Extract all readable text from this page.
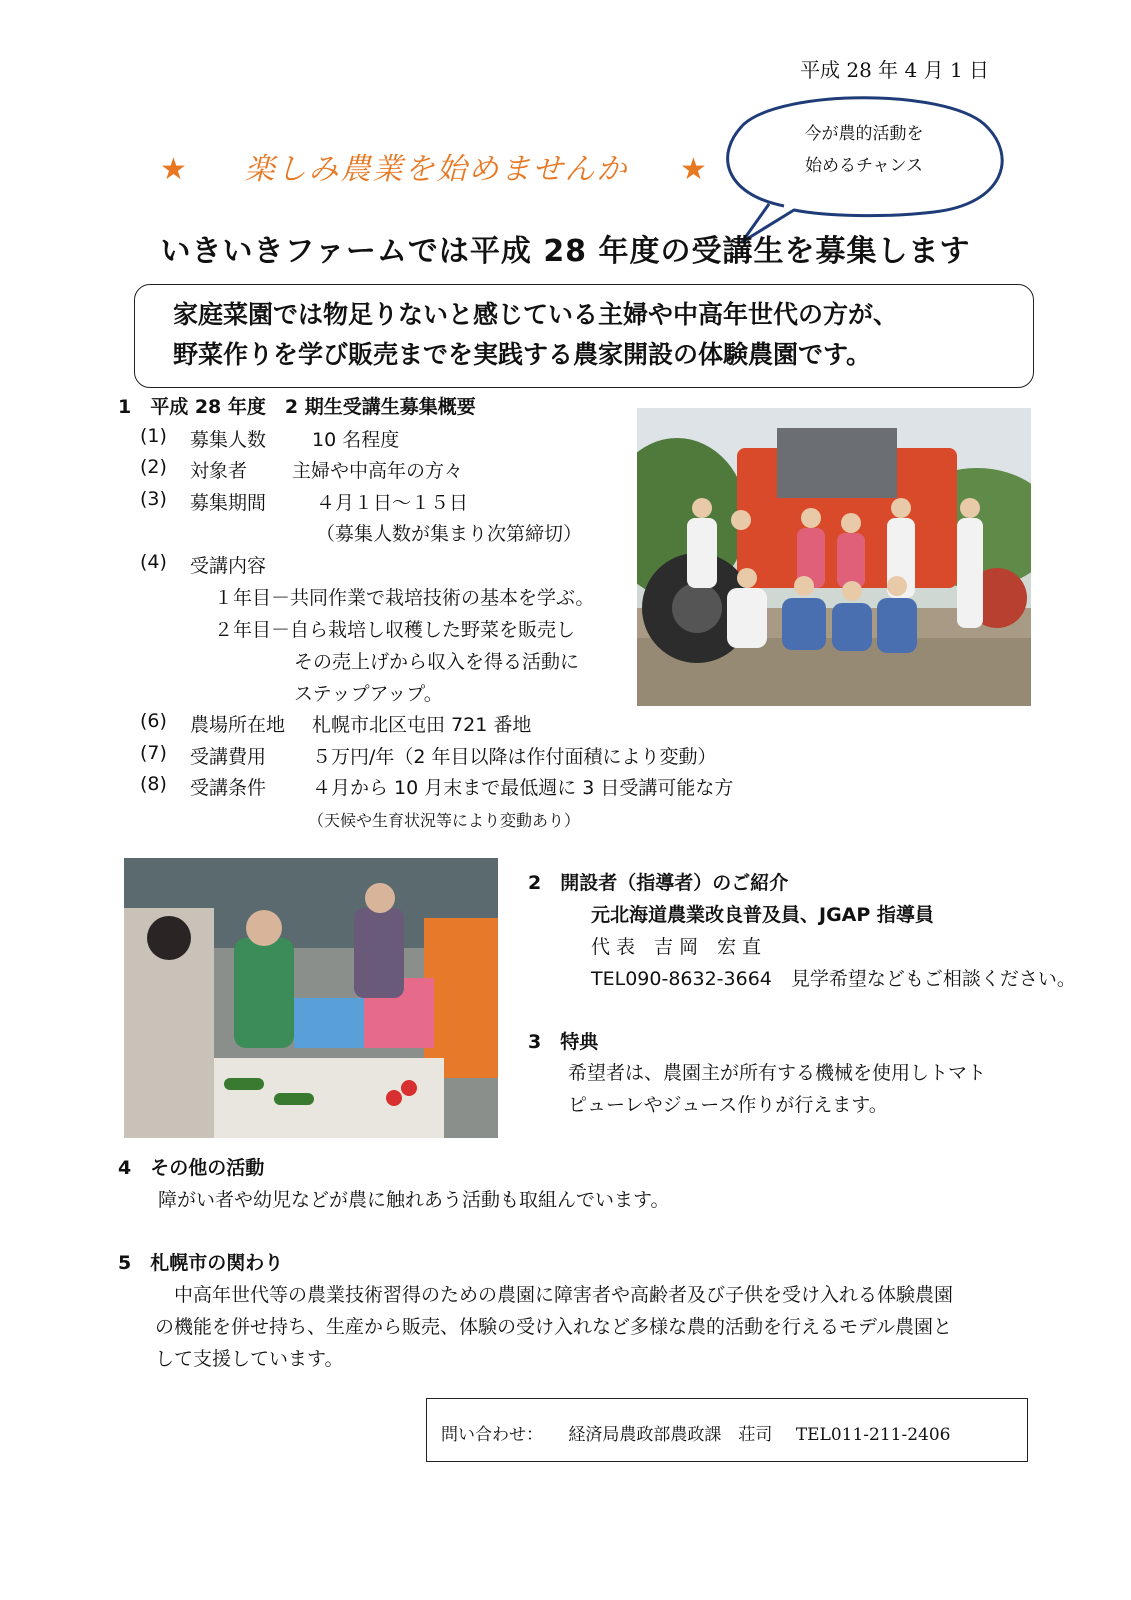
平成 28 年 4 月 1 日
★ 楽しみ農業を始めませんか ★
今が農的活動を
始めるチャンス
いきいきファームでは平成 28 年度の受講生を募集します
家庭菜園では物足りないと感じている主婦や中高年世代の方が、
野菜作りを学び販売までを実践する農家開設の体験農園です。
1　平成 28 年度　2 期生受講生募集概要
(1) 募集人数 10 名程度
(2) 対象者 主婦や中高年の方々
(3) 募集期間	４月１日～１５日
（募集人数が集まり次第締切）
(4) 受講内容
１年目－共同作業で栽培技術の基本を学ぶ。
２年目－自ら栽培し収穫した野菜を販売し
その売上げから収入を得る活動に
ステップアップ。
(6) 農場所在地 札幌市北区屯田 721 番地
(7) 受講費用 ５万円/年（2 年目以降は作付面積により変動）
(8) 受講条件 ４月から 10 月末まで最低週に 3 日受講可能な方
（天候や生育状況等により変動あり）
2　開設者（指導者）のご紹介
元北海道農業改良普及員、JGAP 指導員
代 表　吉 岡　宏 直
TEL090-8632-3664　見学希望などもご相談ください。
3　特典
希望者は、農園主が所有する機械を使用しトマト
ピューレやジュース作りが行えます。
4　その他の活動
障がい者や幼児などが農に触れあう活動も取組んでいます。
5　札幌市の関わり
　中高年世代等の農業技術習得のための農園に障害者や高齢者及び子供を受け入れる体験農園
の機能を併せ持ち、生産から販売、体験の受け入れなど多様な農的活動を行えるモデル農園と
して支援しています。
問い合わせ： 経済局農政部農政課　荘司 TEL011-211-2406
